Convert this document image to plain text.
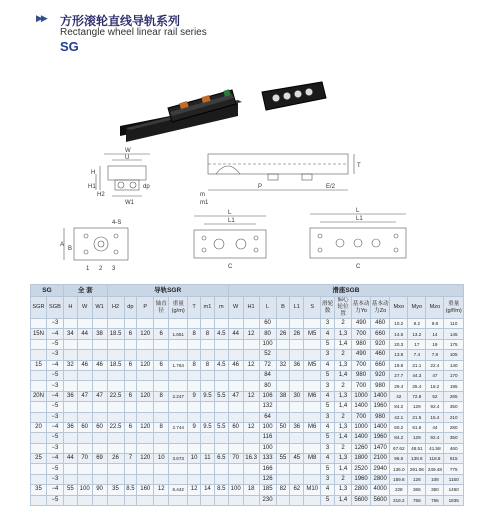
▶▶ 方形滚轮直线导轨系列
Rectangle wheel linear rail series
SG
W
U
H
H1
H2
W1
dp
T
P	E/2
m
m1
4-S
A
B
1 2 3
L
L1
C
L
L1
C
SG		全 套			导轨SGR								滑座SGB													
SGR	SGB	H	W	W1	H2	dp	P	轴直径	重量(g/m)	T	m1	m	W	H1	L	B	L1	S	滑轮数	偏心轮位置	基本动力Yo	基本动力Zo	Mxo	Myo	Mzo	重量(g/f/m)
	−3														60				3	2	490	460	10.2	9.2	9.8	110
15N	−4	34	44	38	18.5	6	120	6	1.651	8	8	4.5	44	12	80	26	26	M5	4	1,3	700	660	14.5	13.2	14	145
	−5														100				5	1,4	980	920	20.3	17	19	175
	−3														52				3	2	490	460	13.8	7.4	7.8	105
15	−4	32	46	46	18.5	6	120	6	1.764	8	8	4.5	46	12	72	32	36	M5	4	1,3	700	660	19.8	21.1	22.4	140
	−5														84				5	1,4	980	920	27.7	44.3	47	170
	−3														80				3	2	700	980	29.4	25.4	18.2	195
20N	−4	36	47	47	22.5	6	120	8	2.247	9	9.5	5.5	47	12	106	38	30	M6	4	1,3	1000	1400	42	72.8	52	265
	−5														132				5	1,4	1400	1960	84.2	129	92.4	350
	−3														64				3	2	700	980	42.1	21.5	15.4	210
20	−4	36	60	60	22.5	6	120	8	2.744	9	9.5	5.5	60	12	100	50	36	M6	4	1,3	1000	1400	60.2	61.6	44	280
	−5														116				5	1,4	1400	1960	84.2	129	92.4	350
	−3														100				3	2	1260	1470	67.62	48.51	41.58	460
25	−4	44	70	69	26	7	120	10	3.673	10	11	6.5	70	16.3	133	55	45	M8	4	1,3	1800	2100	96.6	138.6	118.8	615
	−5														166				5	1,4	2520	2940	135.0	291.06	249.48	775
	−3														126				3	2	1960	2800	159.6	126	108	1150
35	−4	55	100	90	35	8.5	160	12	6.442	12	14	8.5	100	18	185	82	62	M10	4	1,3	2800	4000	228	366	360	1450
	−5														230				5	1,4	5600	5600	319.2	758	756	1835
